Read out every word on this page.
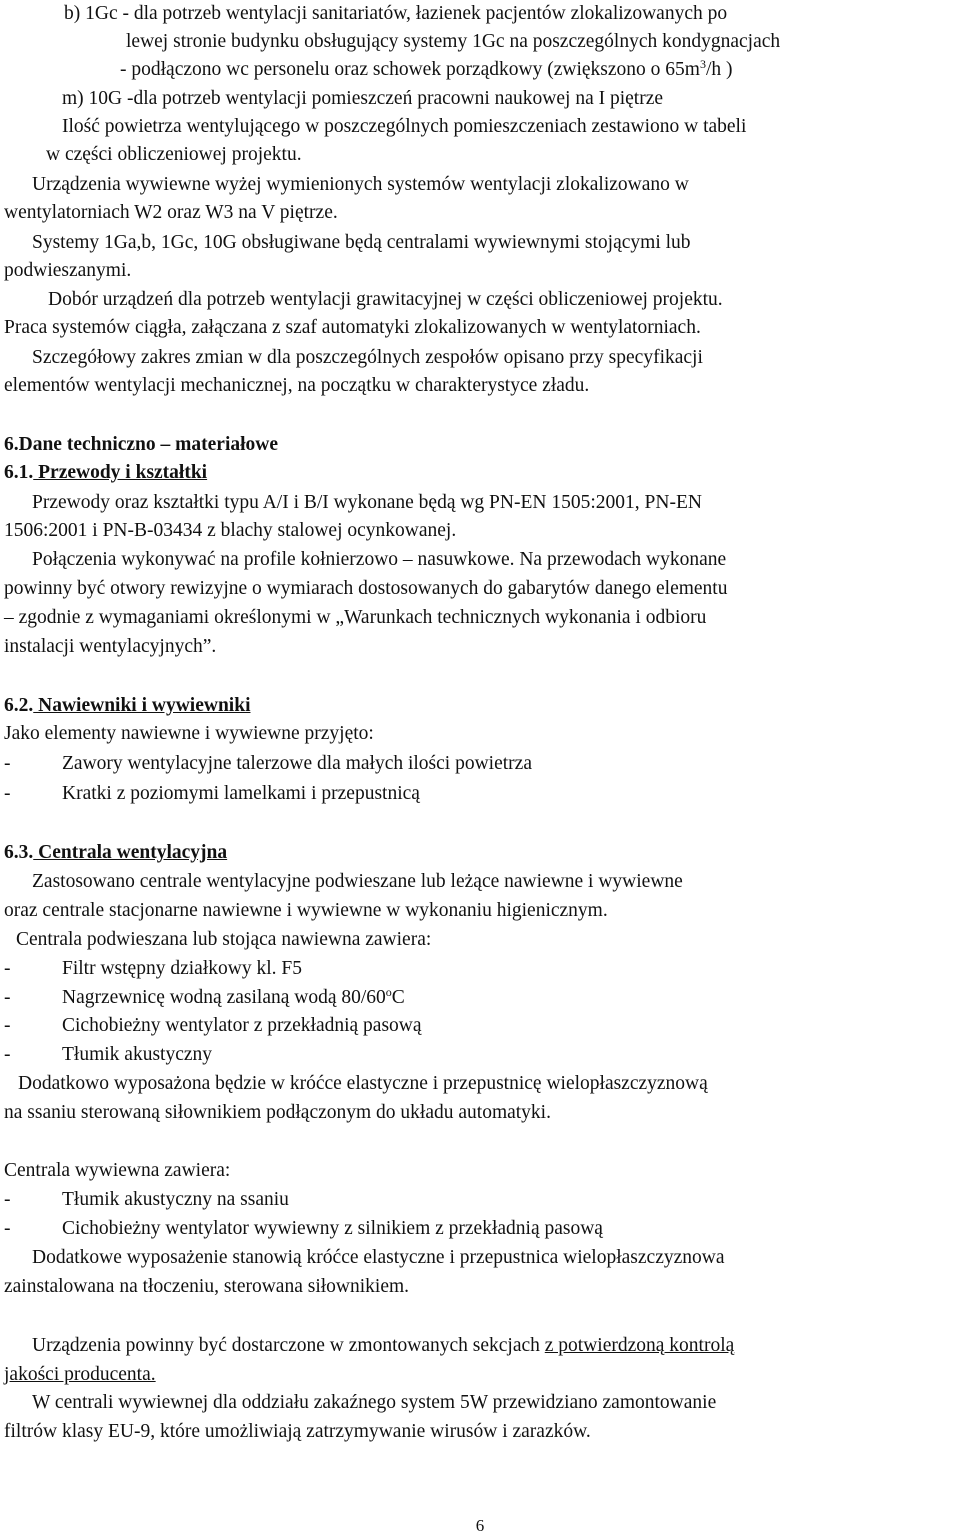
b) 1Gc - dla potrzeb wentylacji sanitariatów, łazienek pacjentów zlokalizowanych po
lewej stronie budynku obsługujący systemy 1Gc na poszczególnych kondygnacjach
- podłączono wc personelu oraz schowek porządkowy (zwiększono o $65m^3/h$ )
m) 10G -dla potrzeb wentylacji pomieszczeń pracowni naukowej na I piętrze
Ilość powietrza wentylującego w poszczególnych pomieszczeniach zestawiono w tabeli
w części obliczeniowej projektu.
Urządzenia wywiewne wyżej wymienionych systemów wentylacji zlokalizowano w
wentylatorniach W2 oraz W3 na V piętrze.
Systemy 1Ga,b, 1Gc, 10G obsługiwane będą centralami wywiewnymi stojącymi lub
podwieszanymi.
Dobór urządzeń dla potrzeb wentylacji grawitacyjnej w części obliczeniowej projektu.
Praca systemów ciągła, załączana z szaf automatyki zlokalizowanych w wentylatorniach.
Szczegółowy zakres zmian w dla poszczególnych zespołów opisano przy specyfikacji
elementów wentylacji mechanicznej, na początku w charakterystyce zładu.
6.Dane techniczno – materiałowe
6.1. Przewody i kształtki
Przewody oraz kształtki typu A/I i B/I wykonane będą wg PN-EN 1505:2001, PN-EN
1506:2001 i PN-B-03434 z blachy stalowej ocynkowanej.
Połączenia wykonywać na profile kołnierzowo – nasuwkowe. Na przewodach wykonane
powinny być otwory rewizyjne o wymiarach dostosowanych do gabarytów danego elementu
– zgodnie z wymaganiami określonymi w „Warunkach technicznych wykonania i odbioru
instalacji wentylacyjnych”.
6.2. Nawiewniki i wywiewniki
Jako elementy nawiewne i wywiewne przyjęto:
-	Zawory wentylacyjne talerzowe dla małych ilości powietrza
-	Kratki z poziomymi lamelkami i przepustnicą
6.3. Centrala wentylacyjna
Zastosowano centrale wentylacyjne podwieszane lub leżące nawiewne i wywiewne
oraz centrale stacjonarne nawiewne i wywiewne w wykonaniu higienicznym.
Centrala podwieszana lub stojąca nawiewna zawiera:
-	Filtr wstępny działkowy kl. F5
-	Nagrzewnicę wodną zasilaną wodą 80/60$^o$C
-	Cichobieżny wentylator z przekładnią pasową
-	Tłumik akustyczny
Dodatkowo wyposażona będzie w króćce elastyczne i przepustnicę wielopłaszczyznową
na ssaniu sterowaną siłownikiem podłączonym do układu automatyki.
Centrala wywiewna zawiera:
-	Tłumik akustyczny na ssaniu
-	Cichobieżny wentylator wywiewny z silnikiem z przekładnią pasową
Dodatkowe wyposażenie stanowią króćce elastyczne i przepustnica wielopłaszczyznowa
zainstalowana na tłoczeniu, sterowana siłownikiem.
Urządzenia powinny być dostarczone w zmontowanych sekcjach z potwierdzoną kontrolą
jakości producenta.
W centrali wywiewnej dla oddziału zakaźnego system 5W przewidziano zamontowanie
filtrów klasy EU-9, które umożliwiają zatrzymywanie wirusów i zarazków.
6
